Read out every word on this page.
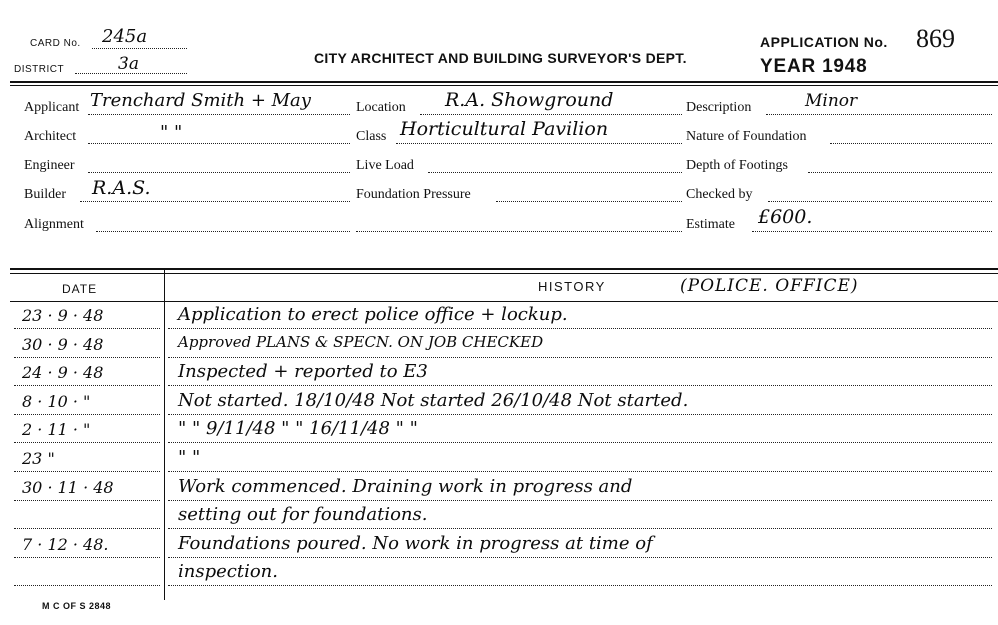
CARD No. 245a
DISTRICT	3a	CITY ARCHITECT AND BUILDING SURVEYOR'S DEPT.
APPLICATION No. 869
YEAR 1948
Applicant Trenchard Smith + May
Architect	" "
Engineer
Builder R.A.S.
Alignment
Location R.A. Showground
Class Horticultural Pavilion
Live Load
Foundation Pressure
Description	Minor
Nature of Foundation
Depth of Footings
Checked by
Estimate £600.
DATE	HISTORY	(POLICE. OFFICE)
23 · 9 · 48	Application to erect police office + lockup.
30 · 9 · 48	Approved PLANS & SPECN. ON JOB CHECKED
24 · 9 · 48	Inspected + reported to E3
8 · 10 · "	Not started. 18/10/48 Not started 26/10/48 Not started.
2 · 11 · "	" " 9/11/48 " " 16/11/48 " "
23 "	" "
30 · 11 · 48	Work commenced. Draining work in progress and
setting out for foundations.
7 · 12 · 48.	Foundations poured. No work in progress at time of
inspection.
M C OF S 2848
